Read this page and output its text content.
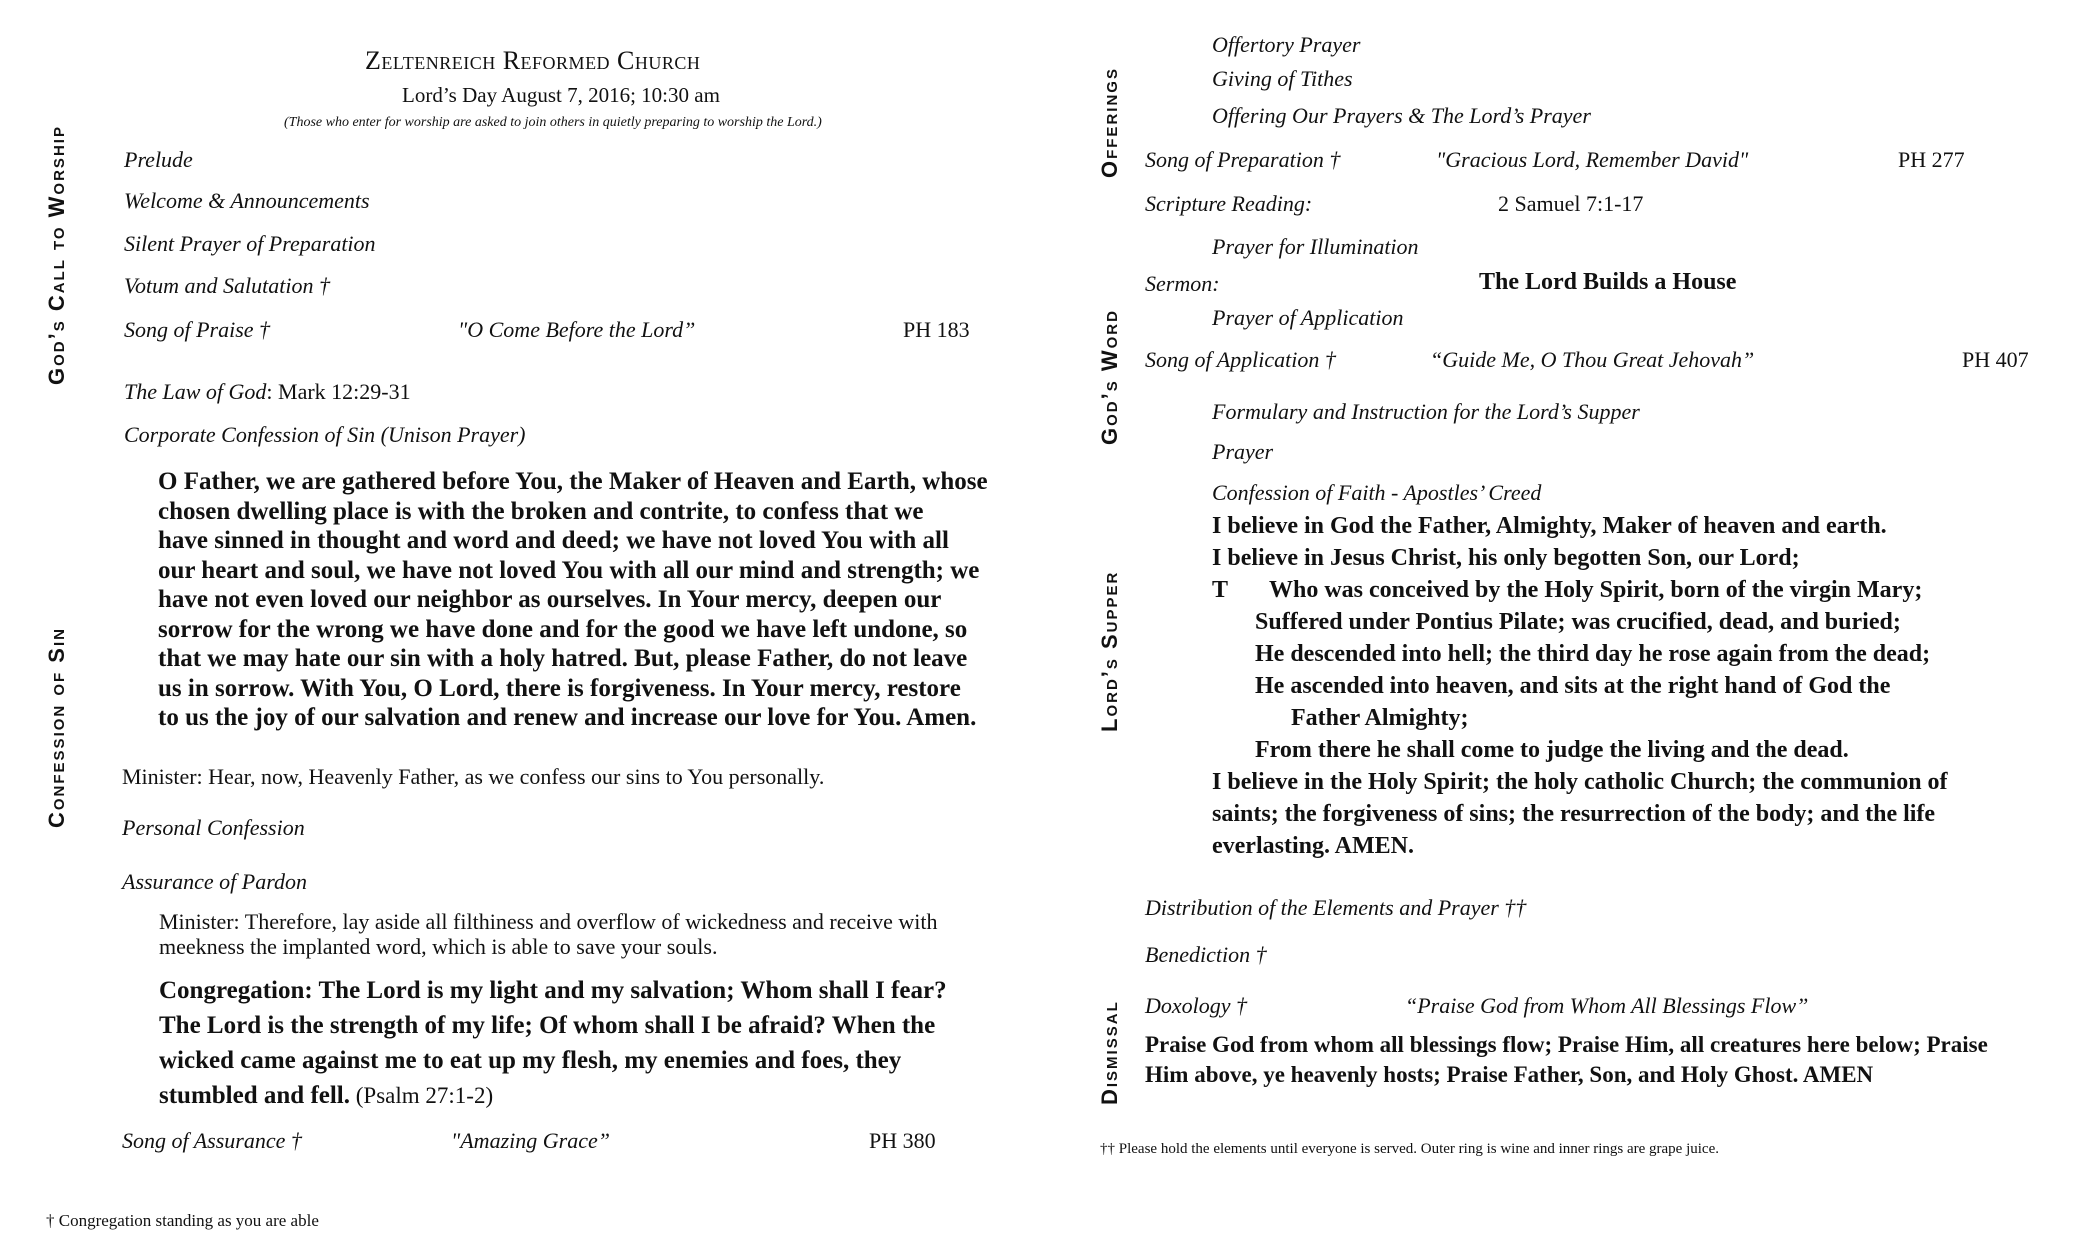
God’s Call to Worship
Confession of Sin
Offerings
God’s Word
Lord’s Supper
Dismissal
Zeltenreich Reformed Church
Lord’s Day August 7, 2016; 10:30 am
(Those who enter for worship are asked to join others in quietly preparing to worship the Lord.)
Prelude
Welcome & Announcements
Silent Prayer of Preparation
Votum and Salutation †
Song of Praise †	"O Come Before the Lord”	PH 183
The Law of God: Mark 12:29-31
Corporate Confession of Sin (Unison Prayer)
O Father, we are gathered before You, the Maker of Heaven and Earth, whose
chosen dwelling place is with the broken and contrite, to confess that we
have sinned in thought and word and deed; we have not loved You with all
our heart and soul, we have not loved You with all our mind and strength; we
have not even loved our neighbor as ourselves. In Your mercy, deepen our
sorrow for the wrong we have done and for the good we have left undone, so
that we may hate our sin with a holy hatred. But, please Father, do not leave
us in sorrow. With You, O Lord, there is forgiveness. In Your mercy, restore
to us the joy of our salvation and renew and increase our love for You. Amen.
Minister: Hear, now, Heavenly Father, as we confess our sins to You personally.
Personal Confession
Assurance of Pardon
Minister: Therefore, lay aside all filthiness and overflow of wickedness and receive with
meekness the implanted word, which is able to save your souls.
Congregation: The Lord is my light and my salvation; Whom shall I fear?
The Lord is the strength of my life; Of whom shall I be afraid? When the
wicked came against me to eat up my flesh, my enemies and foes, they
stumbled and fell. (Psalm 27:1-2)
Song of Assurance †	"Amazing Grace”	PH 380
† Congregation standing as you are able
Offertory Prayer
Giving of Tithes
Offering Our Prayers & The Lord’s Prayer
Song of Preparation †	"Gracious Lord, Remember David"	PH 277
Scripture Reading:	2 Samuel 7:1-17
Prayer for Illumination
Sermon:	The Lord Builds a House
Prayer of Application
Song of Application †	“Guide Me, O Thou Great Jehovah”	PH 407
Formulary and Instruction for the Lord’s Supper
Prayer
Confession of Faith - Apostles’ Creed
I believe in God the Father, Almighty, Maker of heaven and earth.
I believe in Jesus Christ, his only begotten Son, our Lord;
T Who was conceived by the Holy Spirit, born of the virgin Mary;
Suffered under Pontius Pilate; was crucified, dead, and buried;
He descended into hell; the third day he rose again from the dead;
He ascended into heaven, and sits at the right hand of God the
Father Almighty;
From there he shall come to judge the living and the dead.
I believe in the Holy Spirit; the holy catholic Church; the communion of
saints; the forgiveness of sins; the resurrection of the body; and the life
everlasting. AMEN.
Distribution of the Elements and Prayer ††
Benediction †
Doxology †	“Praise God from Whom All Blessings Flow”
Praise God from whom all blessings flow; Praise Him, all creatures here below; Praise
Him above, ye heavenly hosts; Praise Father, Son, and Holy Ghost. AMEN
†† Please hold the elements until everyone is served. Outer ring is wine and inner rings are grape juice.
